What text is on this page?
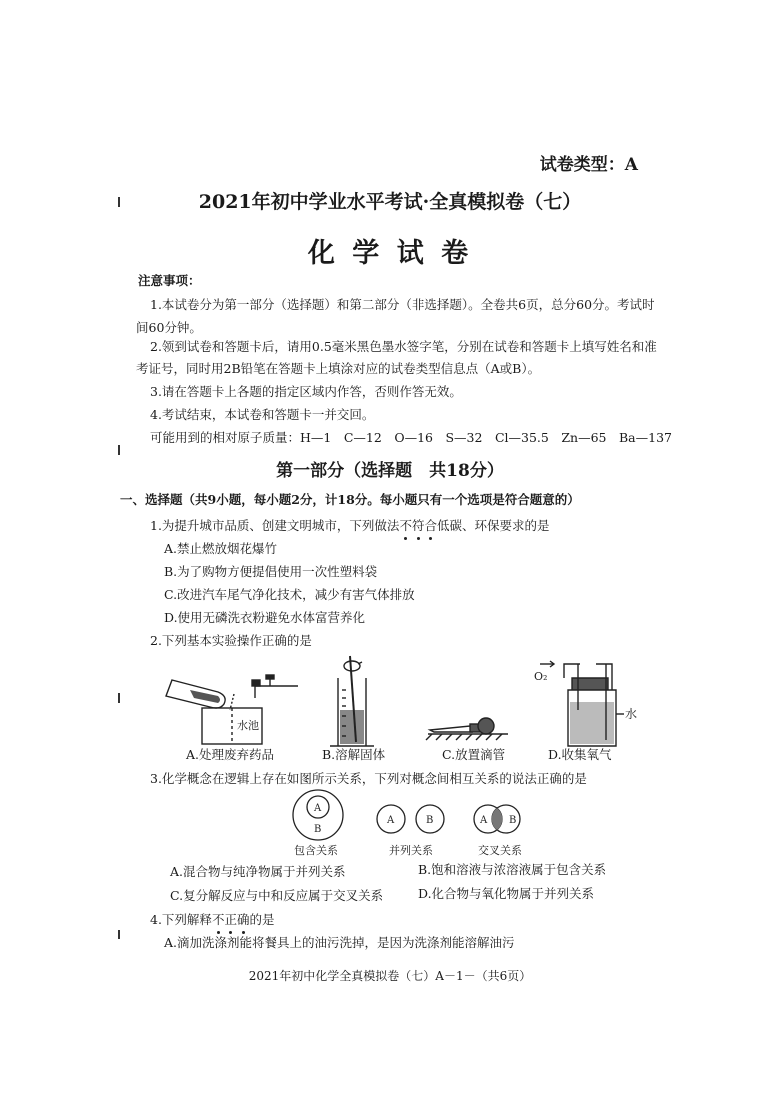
试卷类型：A
2021年初中学业水平考试·全真模拟卷（七）
化 学 试 卷
注意事项：
1.本试卷分为第一部分（选择题）和第二部分（非选择题）。全卷共6页，总分60分。考试时
间60分钟。
2.领到试卷和答题卡后，请用0.5毫米黑色墨水签字笔，分别在试卷和答题卡上填写姓名和准
考证号，同时用2B铅笔在答题卡上填涂对应的试卷类型信息点（A或B）。
3.请在答题卡上各题的指定区域内作答，否则作答无效。
4.考试结束，本试卷和答题卡一并交回。
可能用到的相对原子质量：H—1　C—12　O—16　S—32　Cl—35.5　Zn—65　Ba—137
第一部分（选择题　共18分）
一、选择题（共9小题，每小题2分，计18分。每小题只有一个选项是符合题意的）
1.为提升城市品质、创建文明城市，下列做法不符合低碳、环保要求的是
A.禁止燃放烟花爆竹
B.为了购物方便提倡使用一次性塑料袋
C.改进汽车尾气净化技术，减少有害气体排放
D.使用无磷洗衣粉避免水体富营养化
2.下列基本实验操作正确的是
水池
O₂
水
A.处理废弃药品	B.溶解固体	C.放置滴管	D.收集氧气
3.化学概念在逻辑上存在如图所示关系，下列对概念间相互关系的说法正确的是
A
B
A	B	A B
包含关系	并列关系	交叉关系
A.混合物与纯净物属于并列关系	B.饱和溶液与浓溶液属于包含关系
C.复分解反应与中和反应属于交叉关系	D.化合物与氧化物属于并列关系
4.下列解释不正确的是
A.滴加洗涤剂能将餐具上的油污洗掉，是因为洗涤剂能溶解油污
2021年初中化学全真模拟卷（七）A－1－（共6页）
